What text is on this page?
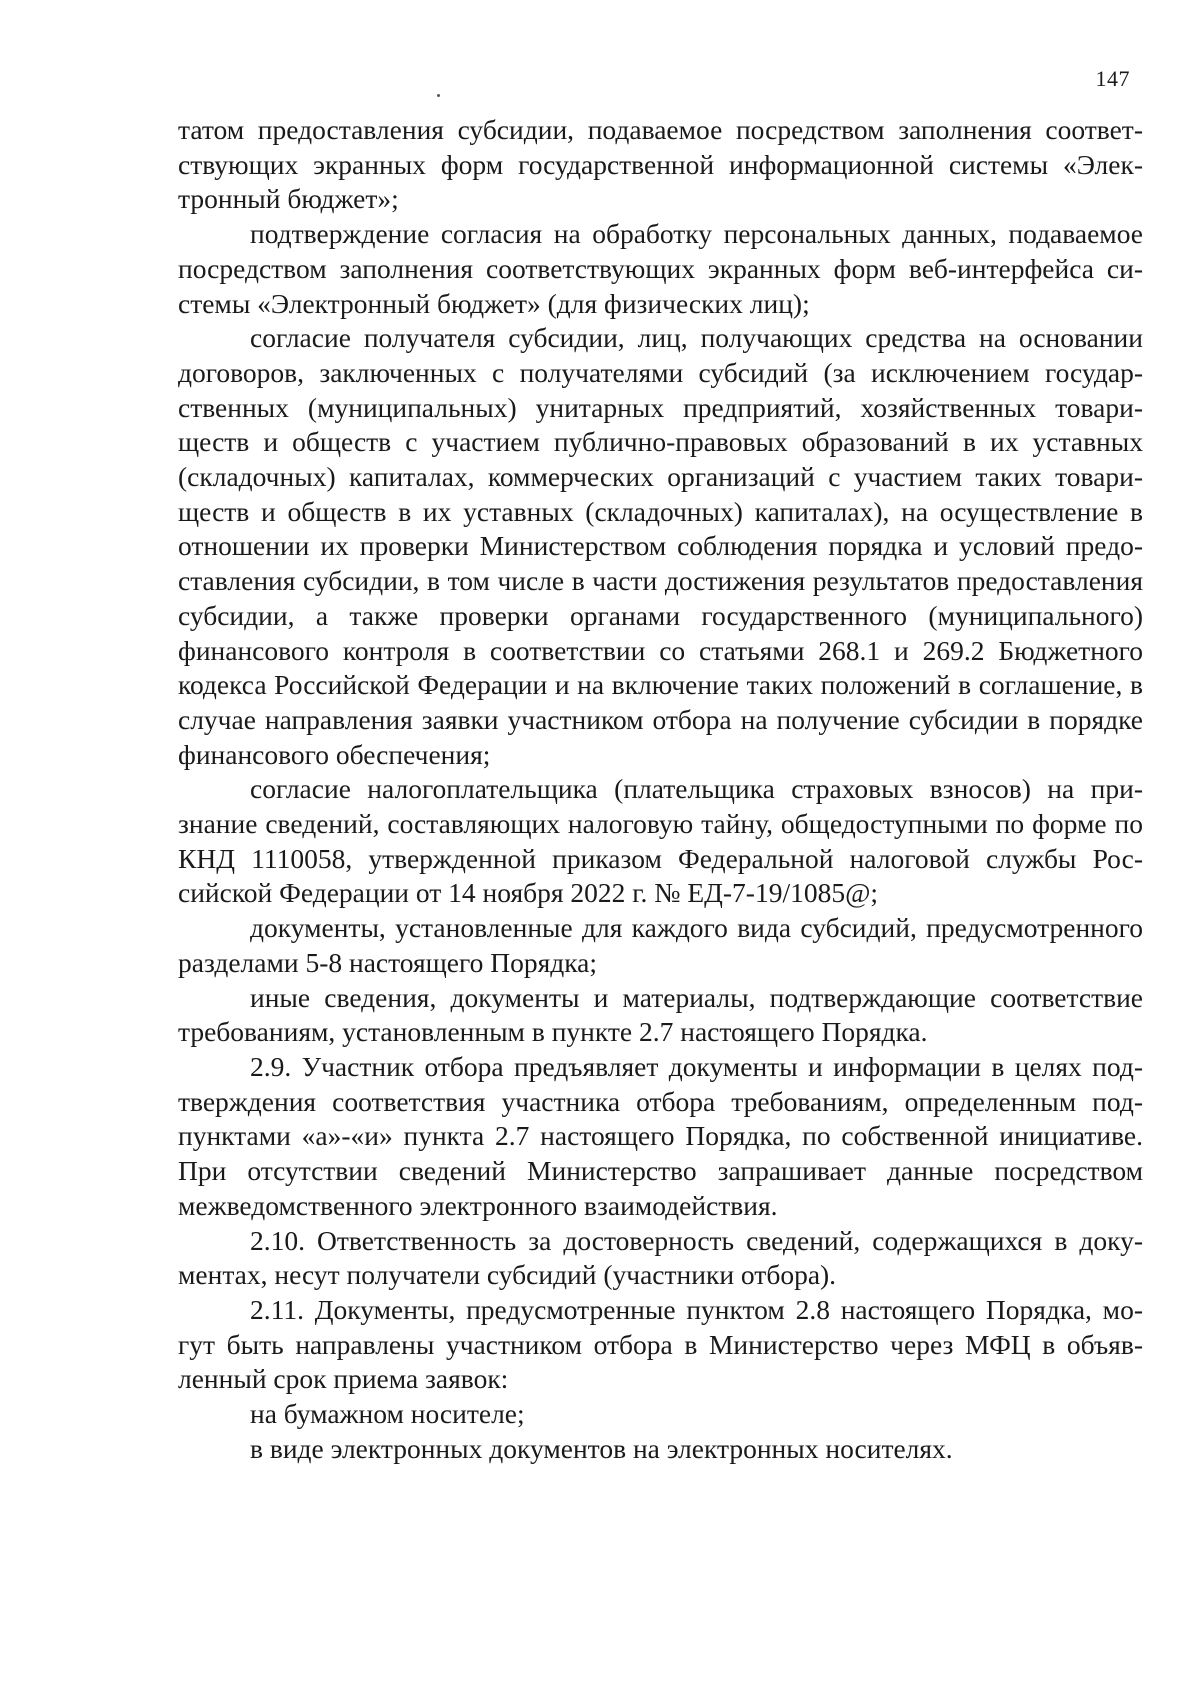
147

татом предоставления субсидии, подаваемое посредством заполнения соответствующих экранных форм государственной информационной системы «Электронный бюджет»;

подтверждение согласия на обработку персональных данных, подаваемое посредством заполнения соответствующих экранных форм веб-интерфейса системы «Электронный бюджет» (для физических лиц);

согласие получателя субсидии, лиц, получающих средства на основании договоров, заключенных с получателями субсидий (за исключением государственных (муниципальных) унитарных предприятий, хозяйственных товариществ и обществ с участием публично-правовых образований в их уставных (складочных) капиталах, коммерческих организаций с участием таких товариществ и обществ в их уставных (складочных) капиталах), на осуществление в отношении их проверки Министерством соблюдения порядка и условий предоставления субсидии, в том числе в части достижения результатов предоставления субсидии, а также проверки органами государственного (муниципального) финансового контроля в соответствии со статьями 268.1 и 269.2 Бюджетного кодекса Российской Федерации и на включение таких положений в соглашение, в случае направления заявки участником отбора на получение субсидии в порядке финансового обеспечения;

согласие налогоплательщика (плательщика страховых взносов) на признание сведений, составляющих налоговую тайну, общедоступными по форме по КНД 1110058, утвержденной приказом Федеральной налоговой службы Российской Федерации от 14 ноября 2022 г. № ЕД-7-19/1085@;

документы, установленные для каждого вида субсидий, предусмотренного разделами 5-8 настоящего Порядка;

иные сведения, документы и материалы, подтверждающие соответствие требованиям, установленным в пункте 2.7 настоящего Порядка.

2.9. Участник отбора предъявляет документы и информации в целях подтверждения соответствия участника отбора требованиям, определенным подпунктами «а»-«и» пункта 2.7 настоящего Порядка, по собственной инициативе. При отсутствии сведений Министерство запрашивает данные посредством межведомственного электронного взаимодействия.

2.10. Ответственность за достоверность сведений, содержащихся в документах, несут получатели субсидий (участники отбора).

2.11. Документы, предусмотренные пунктом 2.8 настоящего Порядка, могут быть направлены участником отбора в Министерство через МФЦ в объявленный срок приема заявок:

на бумажном носителе;

в виде электронных документов на электронных носителях.
